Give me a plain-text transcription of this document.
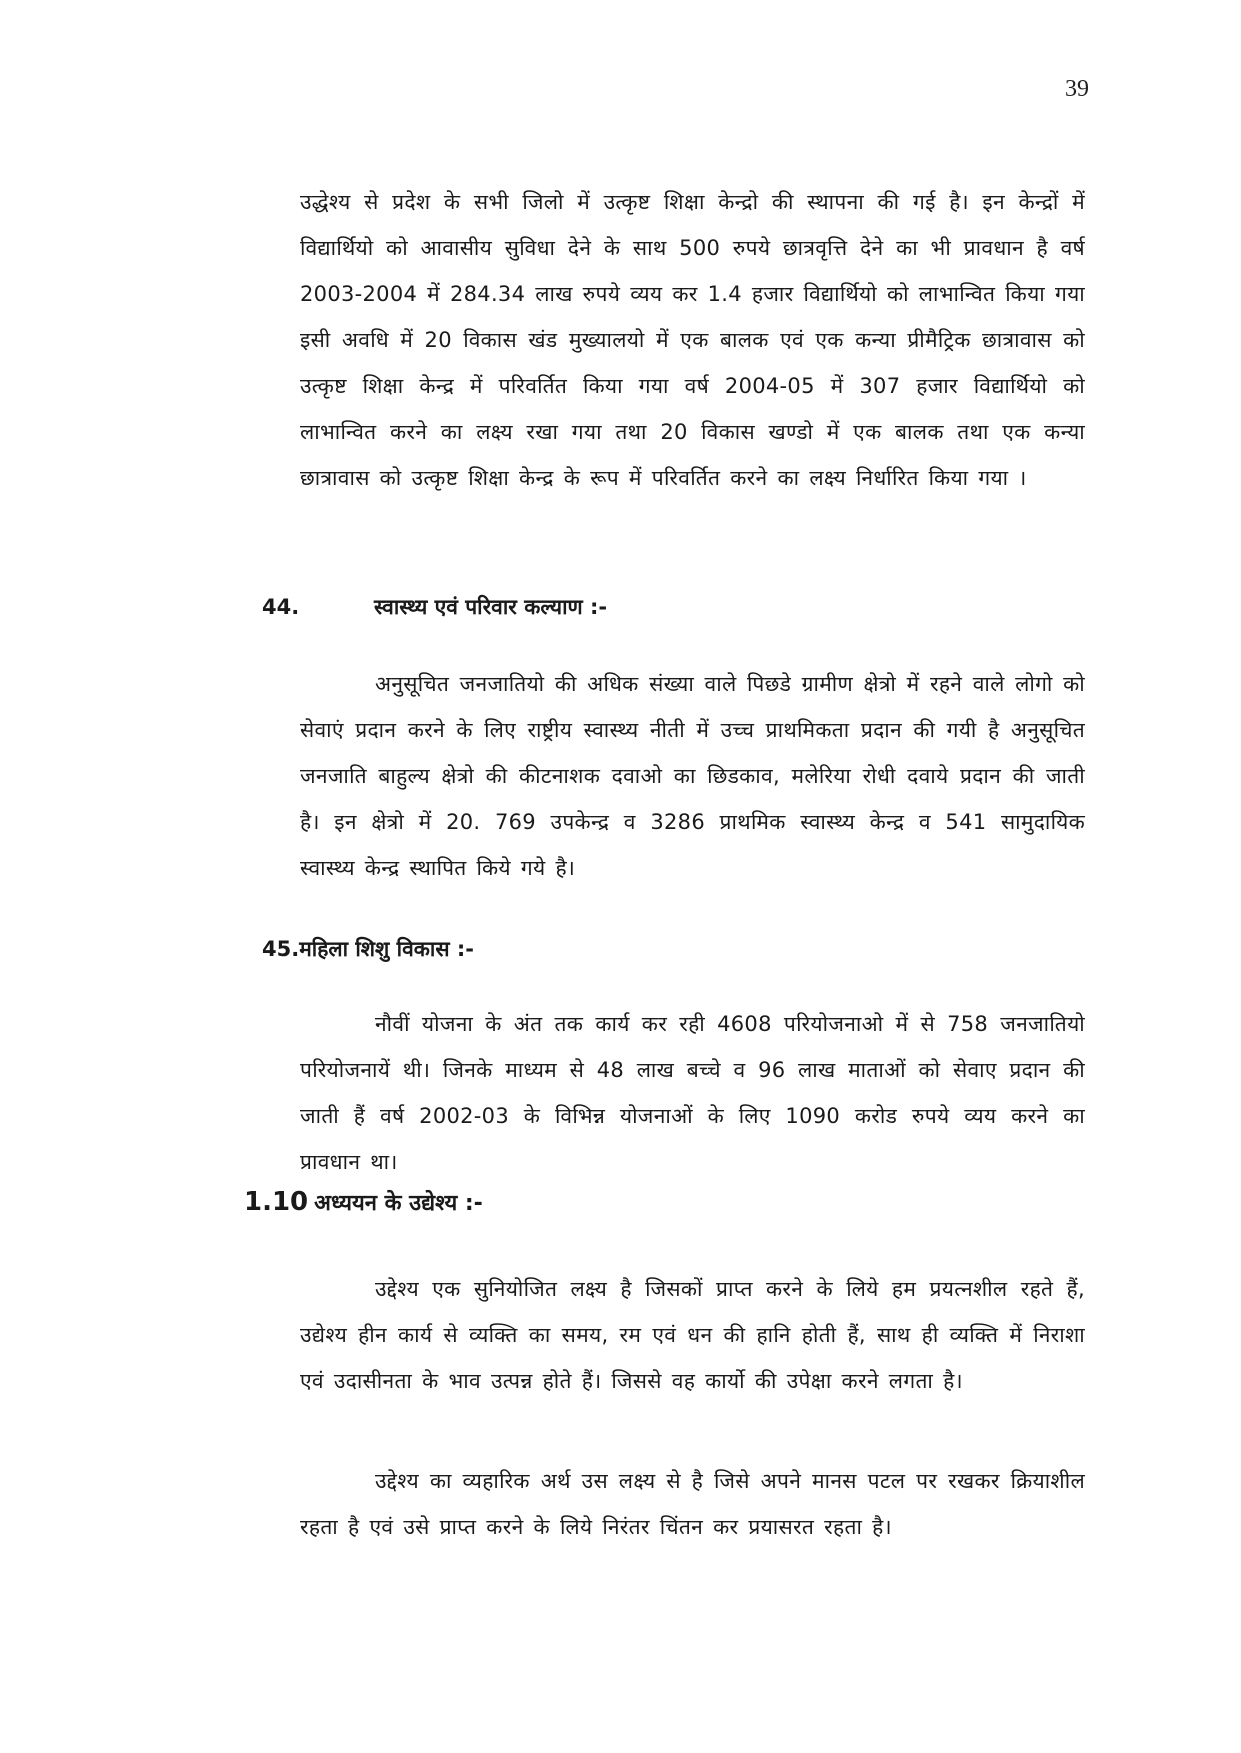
39

उद्धेश्य से प्रदेश के सभी जिलो में उत्कृष्ट शिक्षा केन्द्रो की स्थापना की गई है। इन केन्द्रों में विद्यार्थियो को आवासीय सुविधा देने के साथ 500 रुपये छात्रवृत्ति देने का भी प्रावधान है वर्ष 2003-2004 में 284.34 लाख रुपये व्यय कर 1.4 हजार विद्यार्थियो को लाभान्वित किया गया इसी अवधि में 20 विकास खंड मुख्यालयो में एक बालक एवं एक कन्या प्रीमैट्रिक छात्रावास को उत्कृष्ट शिक्षा केन्द्र में परिवर्तित किया गया वर्ष 2004-05 में 307 हजार विद्यार्थियो को लाभान्वित करने का लक्ष्य रखा गया तथा 20 विकास खण्डो में एक बालक तथा एक कन्या छात्रावास को उत्कृष्ट शिक्षा केन्द्र के रूप में परिवर्तित करने का लक्ष्य निर्धारित किया गया ।

44.	स्वास्थ्य एवं परिवार कल्याण :-

अनुसूचित जनजातियो की अधिक संख्या वाले पिछडे ग्रामीण क्षेत्रो में रहने वाले लोगो को सेवाएं प्रदान करने के लिए राष्ट्रीय स्वास्थ्य नीती में उच्च प्राथमिकता प्रदान की गयी है अनुसूचित जनजाति बाहुल्य क्षेत्रो की कीटनाशक दवाओ का छिडकाव, मलेरिया रोधी दवाये प्रदान की जाती है। इन क्षेत्रो में 20. 769 उपकेन्द्र व 3286 प्राथमिक स्वास्थ्य केन्द्र व 541 सामुदायिक स्वास्थ्य केन्द्र स्थापित किये गये है।

45.महिला शिशु विकास :-

नौवीं योजना के अंत तक कार्य कर रही 4608 परियोजनाओ में से 758 जनजातियो परियोजनायें थी। जिनके माध्यम से 48 लाख बच्चे व 96 लाख माताओं को सेवाए प्रदान की जाती हैं वर्ष 2002-03 के विभिन्न योजनाओं के लिए 1090 करोड रुपये व्यय करने का प्रावधान था।

1.10 अध्ययन के उद्येश्य :-

उद्देश्य एक सुनियोजित लक्ष्य है जिसकों प्राप्त करने के लिये हम प्रयत्नशील रहते हैं, उद्येश्य हीन कार्य से व्यक्ति का समय, रम एवं धन की हानि होती हैं, साथ ही व्यक्ति में निराशा एवं उदासीनता के भाव उत्पन्न होते हैं। जिससे वह कार्यो की उपेक्षा करने लगता है।

उद्देश्य का व्यहारिक अर्थ उस लक्ष्य से है जिसे अपने मानस पटल पर रखकर क्रियाशील रहता है एवं उसे प्राप्त करने के लिये निरंतर चिंतन कर प्रयासरत रहता है।
